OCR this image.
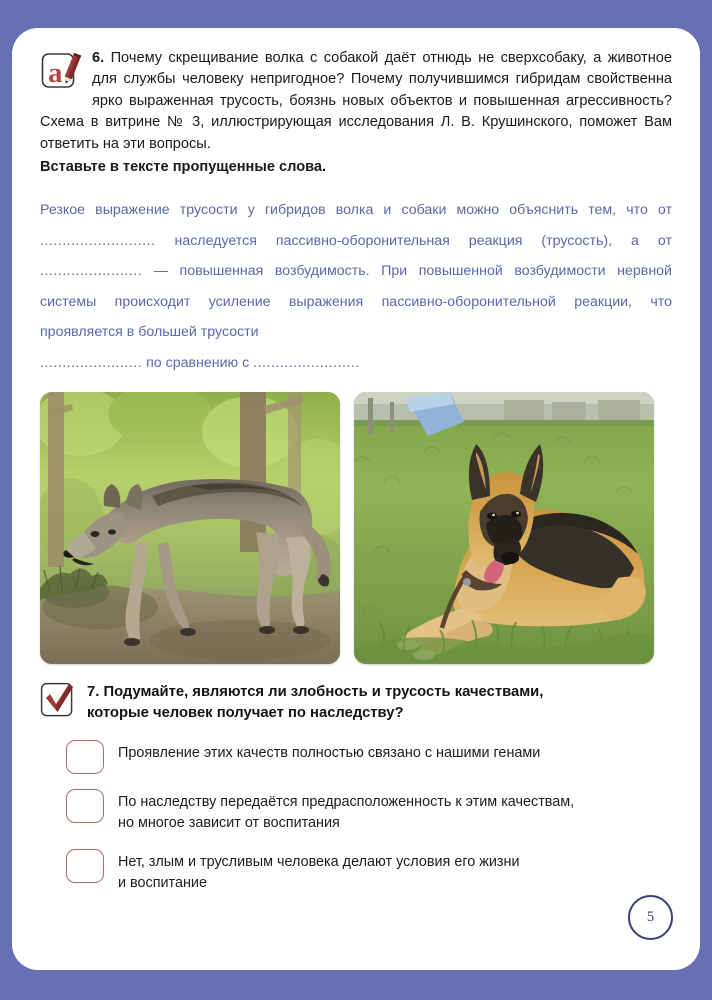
a	6. Почему скрещивание волка с собакой даёт отнюдь не сверхсобаку, а животное для службы человеку непригодное? Почему получившимся гибридам свойственна ярко выраженная трусость, боязнь новых объектов и повышенная агрессивность? Схема в витрине № 3, иллюстрирующая исследования Л. В. Крушинского, поможет Вам ответить на эти вопросы.
Вставьте в тексте пропущенные слова.
Резкое выражение трусости у гибридов волка и собаки можно объяснить тем, что от .......................... наследуется пассивно-оборонительная реакция (трусость), а от ....................... — повышенная возбудимость. При повышенной возбудимости нервной системы происходит усиление выражения пассивно-оборонительной реакции, что проявляется в большей трусости
....................... по сравнению с ........................
7. Подумайте, являются ли злобность и трусость качествами,
которые человек получает по наследству?
Проявление этих качеств полностью связано с нашими генами
По наследству передаётся предрасположенность к этим качествам,
но многое зависит от воспитания
Нет, злым и трусливым человека делают условия его жизни
и воспитание
5
